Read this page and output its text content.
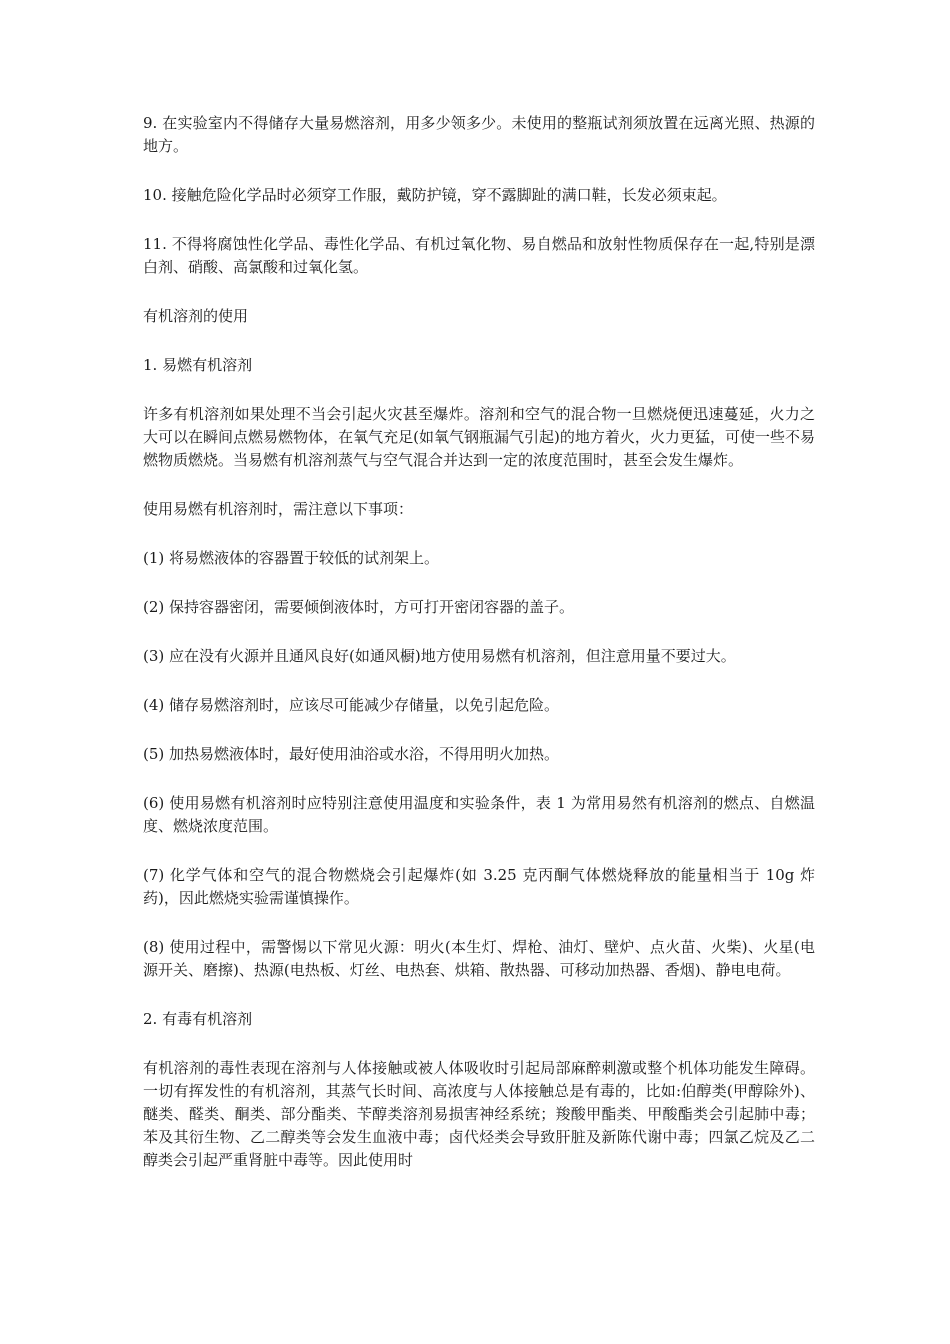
9. 在实验室内不得储存大量易燃溶剂，用多少领多少。未使用的整瓶试剂须放置在远离光照、热源的地方。

10. 接触危险化学品时必须穿工作服，戴防护镜，穿不露脚趾的满口鞋，长发必须束起。

11. 不得将腐蚀性化学品、毒性化学品、有机过氧化物、易自燃品和放射性物质保存在一起,特别是漂白剂、硝酸、高氯酸和过氧化氢。

有机溶剂的使用

1. 易燃有机溶剂

许多有机溶剂如果处理不当会引起火灾甚至爆炸。溶剂和空气的混合物一旦燃烧便迅速蔓延，火力之大可以在瞬间点燃易燃物体，在氧气充足(如氧气钢瓶漏气引起)的地方着火，火力更猛，可使一些不易燃物质燃烧。当易燃有机溶剂蒸气与空气混合并达到一定的浓度范围时，甚至会发生爆炸。

使用易燃有机溶剂时，需注意以下事项：

(1) 将易燃液体的容器置于较低的试剂架上。

(2) 保持容器密闭，需要倾倒液体时，方可打开密闭容器的盖子。

(3) 应在没有火源并且通风良好(如通风橱)地方使用易燃有机溶剂，但注意用量不要过大。

(4) 储存易燃溶剂时，应该尽可能减少存储量，以免引起危险。

(5) 加热易燃液体时，最好使用油浴或水浴，不得用明火加热。

(6) 使用易燃有机溶剂时应特别注意使用温度和实验条件，表 1 为常用易然有机溶剂的燃点、自燃温度、燃烧浓度范围。

(7) 化学气体和空气的混合物燃烧会引起爆炸(如 3.25 克丙酮气体燃烧释放的能量相当于 10g 炸药)，因此燃烧实验需谨慎操作。

(8) 使用过程中，需警惕以下常见火源：明火(本生灯、焊枪、油灯、壁炉、点火苗、火柴)、火星(电源开关、磨擦)、热源(电热板、灯丝、电热套、烘箱、散热器、可移动加热器、香烟)、静电电荷。

2. 有毒有机溶剂

有机溶剂的毒性表现在溶剂与人体接触或被人体吸收时引起局部麻醉刺激或整个机体功能发生障碍。一切有挥发性的有机溶剂，其蒸气长时间、高浓度与人体接触总是有毒的，比如:伯醇类(甲醇除外)、醚类、醛类、酮类、部分酯类、苄醇类溶剂易损害神经系统；羧酸甲酯类、甲酸酯类会引起肺中毒；苯及其衍生物、乙二醇类等会发生血液中毒；卤代烃类会导致肝脏及新陈代谢中毒；四氯乙烷及乙二醇类会引起严重肾脏中毒等。因此使用时
